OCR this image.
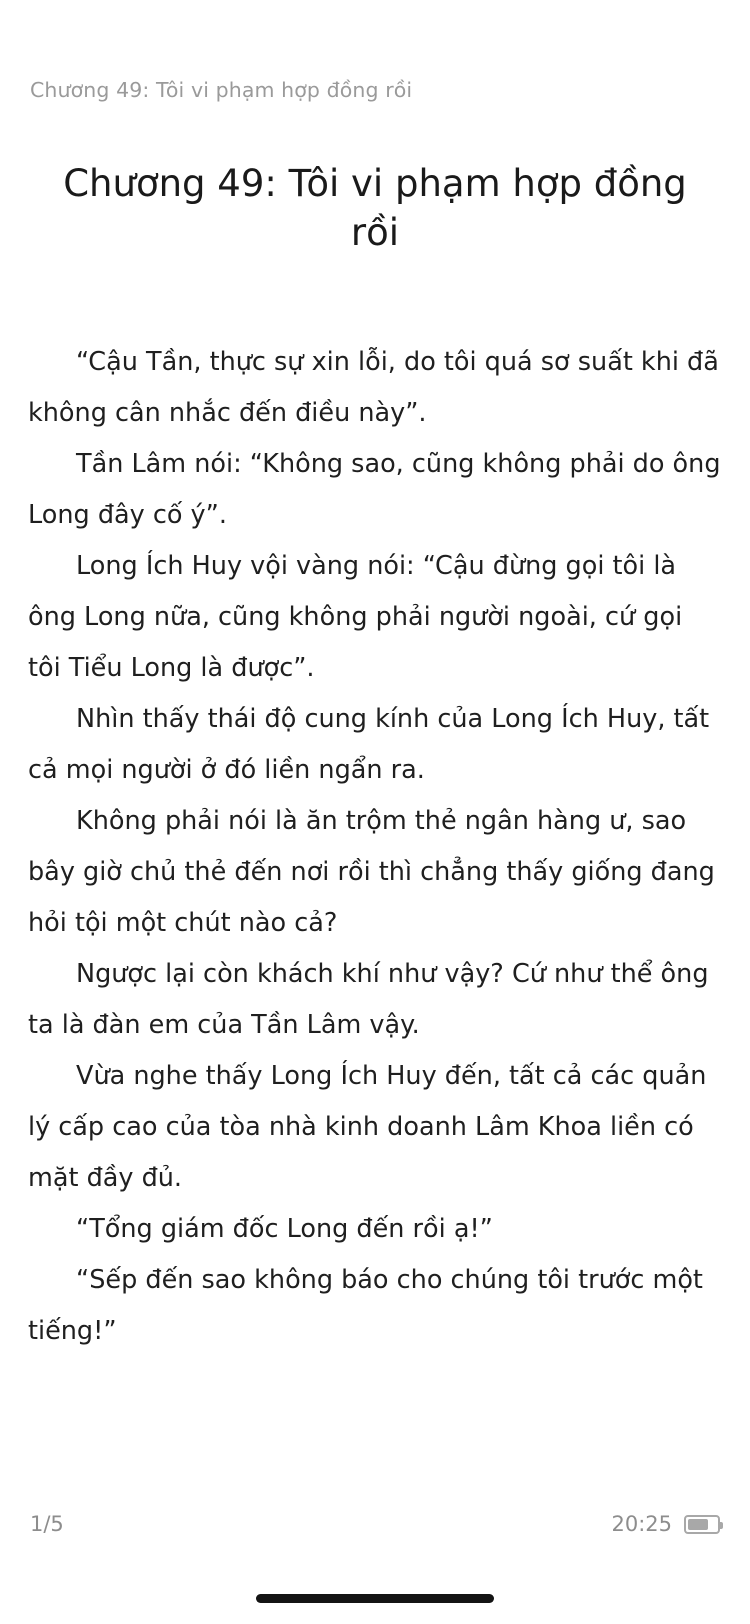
Chương 49: Tôi vi phạm hợp đồng rồi
Chương 49: Tôi vi phạm hợp đồng rồi

“Cậu Tần, thực sự xin lỗi, do tôi quá sơ suất khi đã không cân nhắc đến điều này”.

Tần Lâm nói: “Không sao, cũng không phải do ông Long đây cố ý”.

Long Ích Huy vội vàng nói: “Cậu đừng gọi tôi là ông Long nữa, cũng không phải người ngoài, cứ gọi tôi Tiểu Long là được”.

Nhìn thấy thái độ cung kính của Long Ích Huy, tất cả mọi người ở đó liền ngẩn ra.

Không phải nói là ăn trộm thẻ ngân hàng ư, sao bây giờ chủ thẻ đến nơi rồi thì chẳng thấy giống đang hỏi tội một chút nào cả?

Ngược lại còn khách khí như vậy? Cứ như thể ông ta là đàn em của Tần Lâm vậy.

Vừa nghe thấy Long Ích Huy đến, tất cả các quản lý cấp cao của tòa nhà kinh doanh Lâm Khoa liền có mặt đầy đủ.

“Tổng giám đốc Long đến rồi ạ!”

“Sếp đến sao không báo cho chúng tôi trước một tiếng!”

1/5	20:25
